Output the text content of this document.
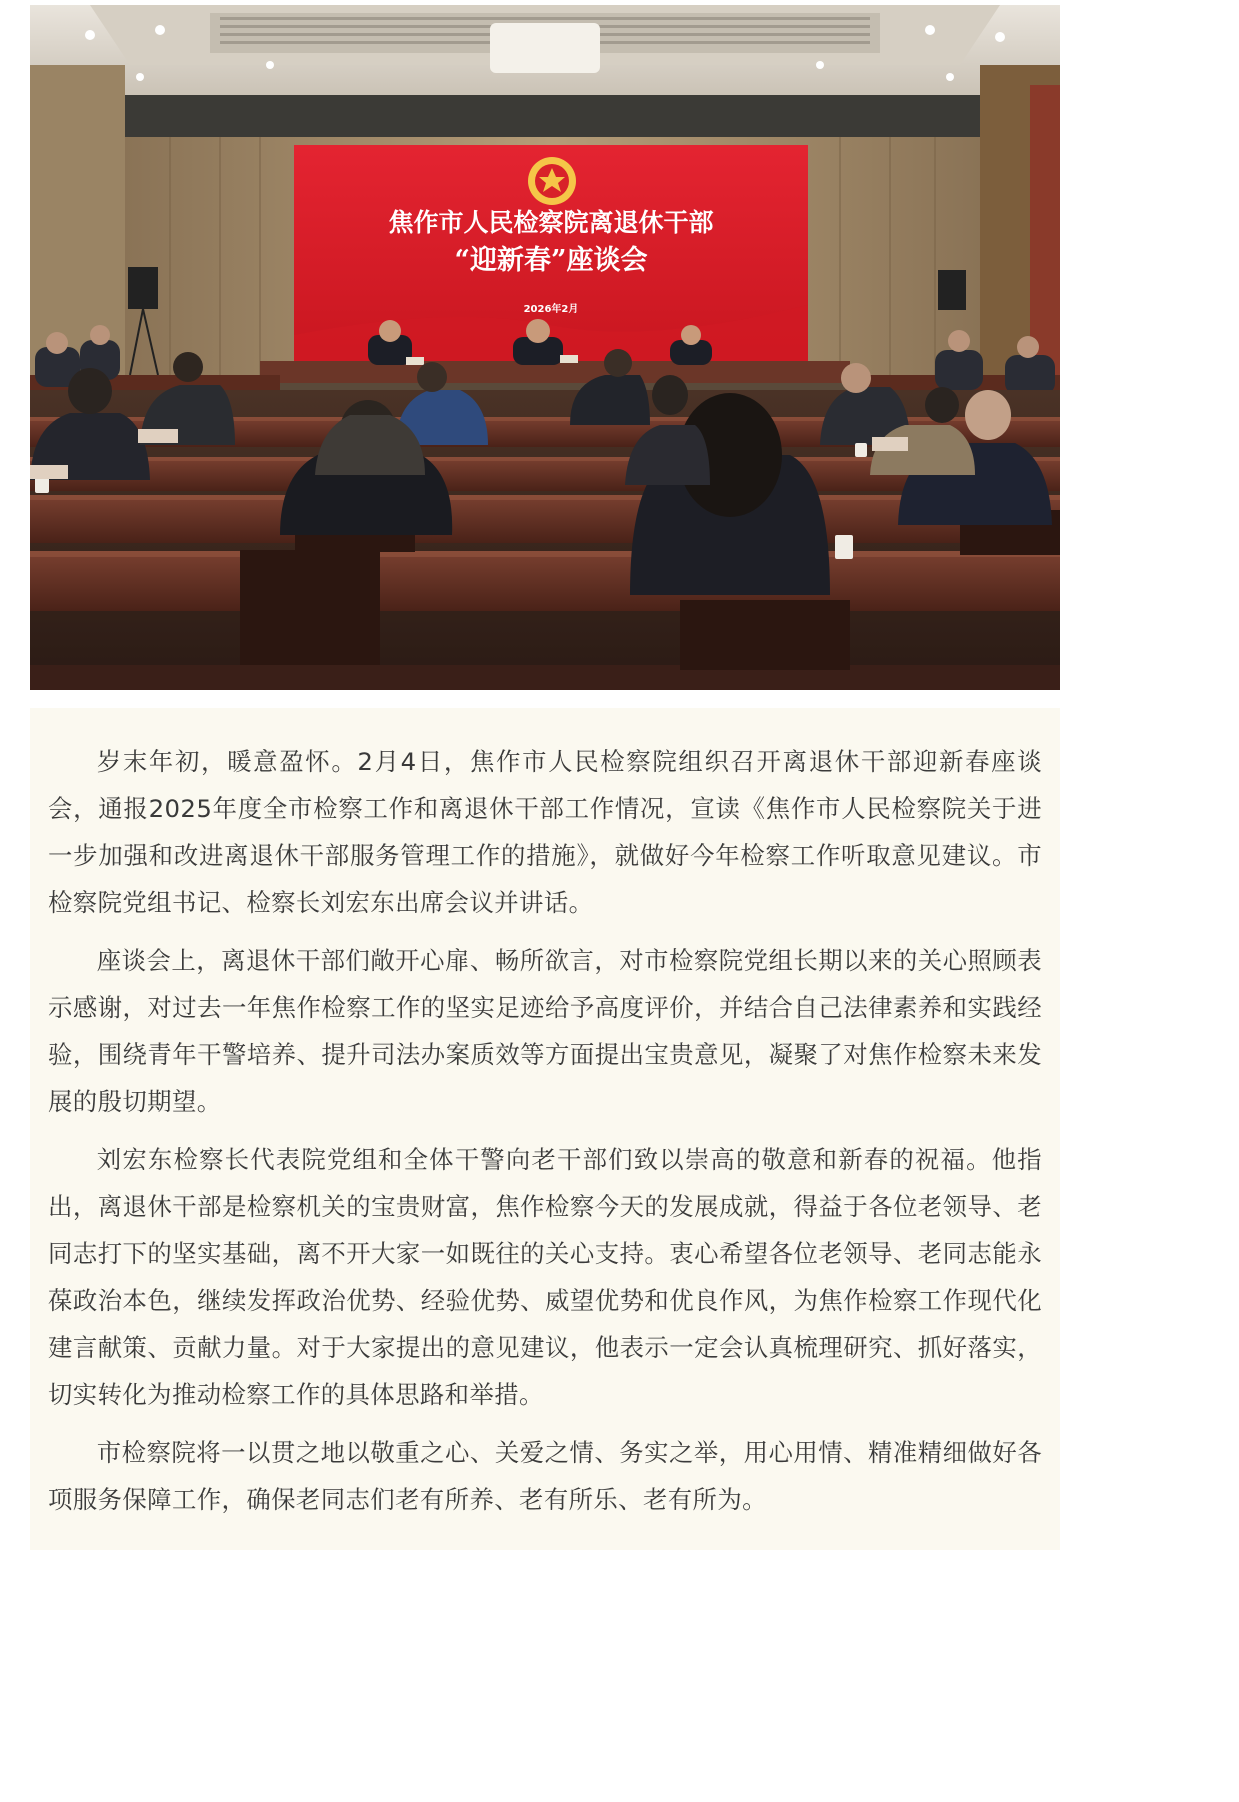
焦作市人民检察院离退休干部
“迎新春”座谈会
2026年2月

岁末年初，暖意盈怀。2月4日，焦作市人民检察院组织召开离退休干部迎新春座谈会，通报2025年度全市检察工作和离退休干部工作情况，宣读《焦作市人民检察院关于进一步加强和改进离退休干部服务管理工作的措施》，就做好今年检察工作听取意见建议。市检察院党组书记、检察长刘宏东出席会议并讲话。

座谈会上，离退休干部们敞开心扉、畅所欲言，对市检察院党组长期以来的关心照顾表示感谢，对过去一年焦作检察工作的坚实足迹给予高度评价，并结合自己法律素养和实践经验，围绕青年干警培养、提升司法办案质效等方面提出宝贵意见，凝聚了对焦作检察未来发展的殷切期望。

刘宏东检察长代表院党组和全体干警向老干部们致以崇高的敬意和新春的祝福。他指出，离退休干部是检察机关的宝贵财富，焦作检察今天的发展成就，得益于各位老领导、老同志打下的坚实基础，离不开大家一如既往的关心支持。衷心希望各位老领导、老同志能永葆政治本色，继续发挥政治优势、经验优势、威望优势和优良作风，为焦作检察工作现代化建言献策、贡献力量。对于大家提出的意见建议，他表示一定会认真梳理研究、抓好落实，切实转化为推动检察工作的具体思路和举措。

市检察院将一以贯之地以敬重之心、关爱之情、务实之举，用心用情、精准精细做好各项服务保障工作，确保老同志们老有所养、老有所乐、老有所为。
